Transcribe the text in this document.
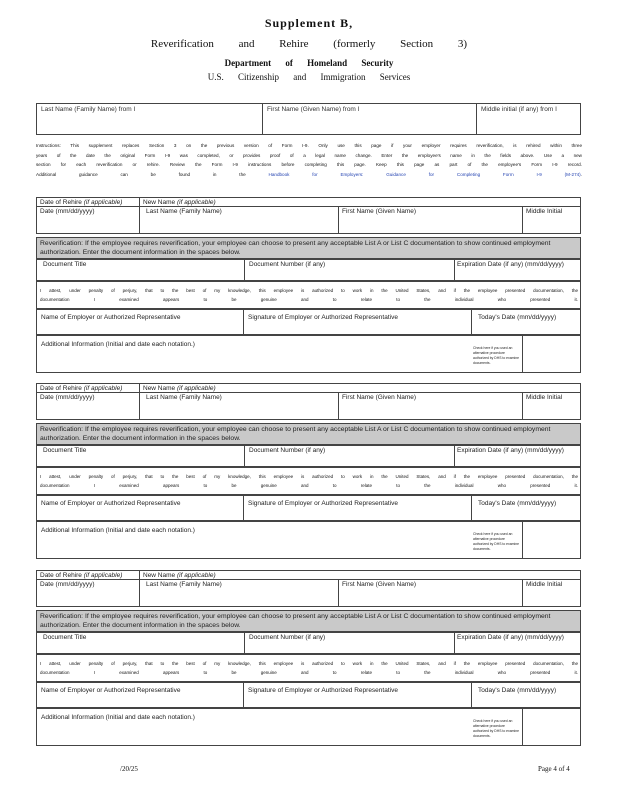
Supplement B,
Reverification and Rehire (formerly Section 3)
Department of Homeland Security
U.S. Citizenship and Immigration Services
Last Name (Family Name) from I	First Name (Given Name) from I	Middle initial (if any) from I
Instructions: This supplement replaces Section 3 on the previous version of Form I-9. Only use this page if your employer requires reverification, is rehired within three years of the date the original Form I-9 was completed, or provides proof of a legal name change. Enter the employee's name in the fields above. Use a new section for each reverification or rehire. Review the Form I-9 instructions before completing this page. Keep this page as part of the employee's Form I-9 record. Additional guidance can be found in the	Handbook for Employers: Guidance for Completing Form I-9 (M-274).
Date of Rehire (if applicable)	New Name (if applicable)
Date (mm/dd/yyyy)	Last Name (Family Name)	First Name (Given Name)	Middle Initial
Reverification: If the employee requires reverification, your employee can choose to present any acceptable List A or List C documentation to show continued employment authorization. Enter the document information in the spaces below.
Document Title	Document Number (if any)	Expiration Date (if any) (mm/dd/yyyy)
I attest, under penalty of perjury, that to the best of my knowledge, this employee is authorized to work in the United States, and if the employee presented documentation, the documentation I examined appears to be genuine and to relate to the individual who presented it.
Name of Employer or Authorized Representative	Signature of Employer or Authorized Representative	Today's Date (mm/dd/yyyy)
Additional Information (Initial and date each notation.)	Check here if you used an alternative procedure authorized by DHS to examine documents.
Date of Rehire (if applicable)	New Name (if applicable)
Date (mm/dd/yyyy)	Last Name (Family Name)	First Name (Given Name)	Middle Initial
Reverification: If the employee requires reverification, your employee can choose to present any acceptable List A or List C documentation to show continued employment authorization. Enter the document information in the spaces below.
Document Title	Document Number (if any)	Expiration Date (if any) (mm/dd/yyyy)
I attest, under penalty of perjury, that to the best of my knowledge, this employee is authorized to work in the United States, and if the employee presented documentation, the documentation I examined appears to be genuine and to relate to the individual who presented it.
Name of Employer or Authorized Representative	Signature of Employer or Authorized Representative	Today's Date (mm/dd/yyyy)
Additional Information (Initial and date each notation.)	Check here if you used an alternative procedure authorized by DHS to examine documents.
Date of Rehire (if applicable)	New Name (if applicable)
Date (mm/dd/yyyy)	Last Name (Family Name)	First Name (Given Name)	Middle Initial
Reverification: If the employee requires reverification, your employee can choose to present any acceptable List A or List C documentation to show continued employment authorization. Enter the document information in the spaces below.
Document Title	Document Number (if any)	Expiration Date (if any) (mm/dd/yyyy)
I attest, under penalty of perjury, that to the best of my knowledge, this employee is authorized to work in the United States, and if the employee presented documentation, the documentation I examined appears to be genuine and to relate to the individual who presented it.
Name of Employer or Authorized Representative	Signature of Employer or Authorized Representative	Today's Date (mm/dd/yyyy)
Additional Information (Initial and date each notation.)	Check here if you used an alternative procedure authorized by DHS to examine documents.
/20/25	Page 4 of 4
